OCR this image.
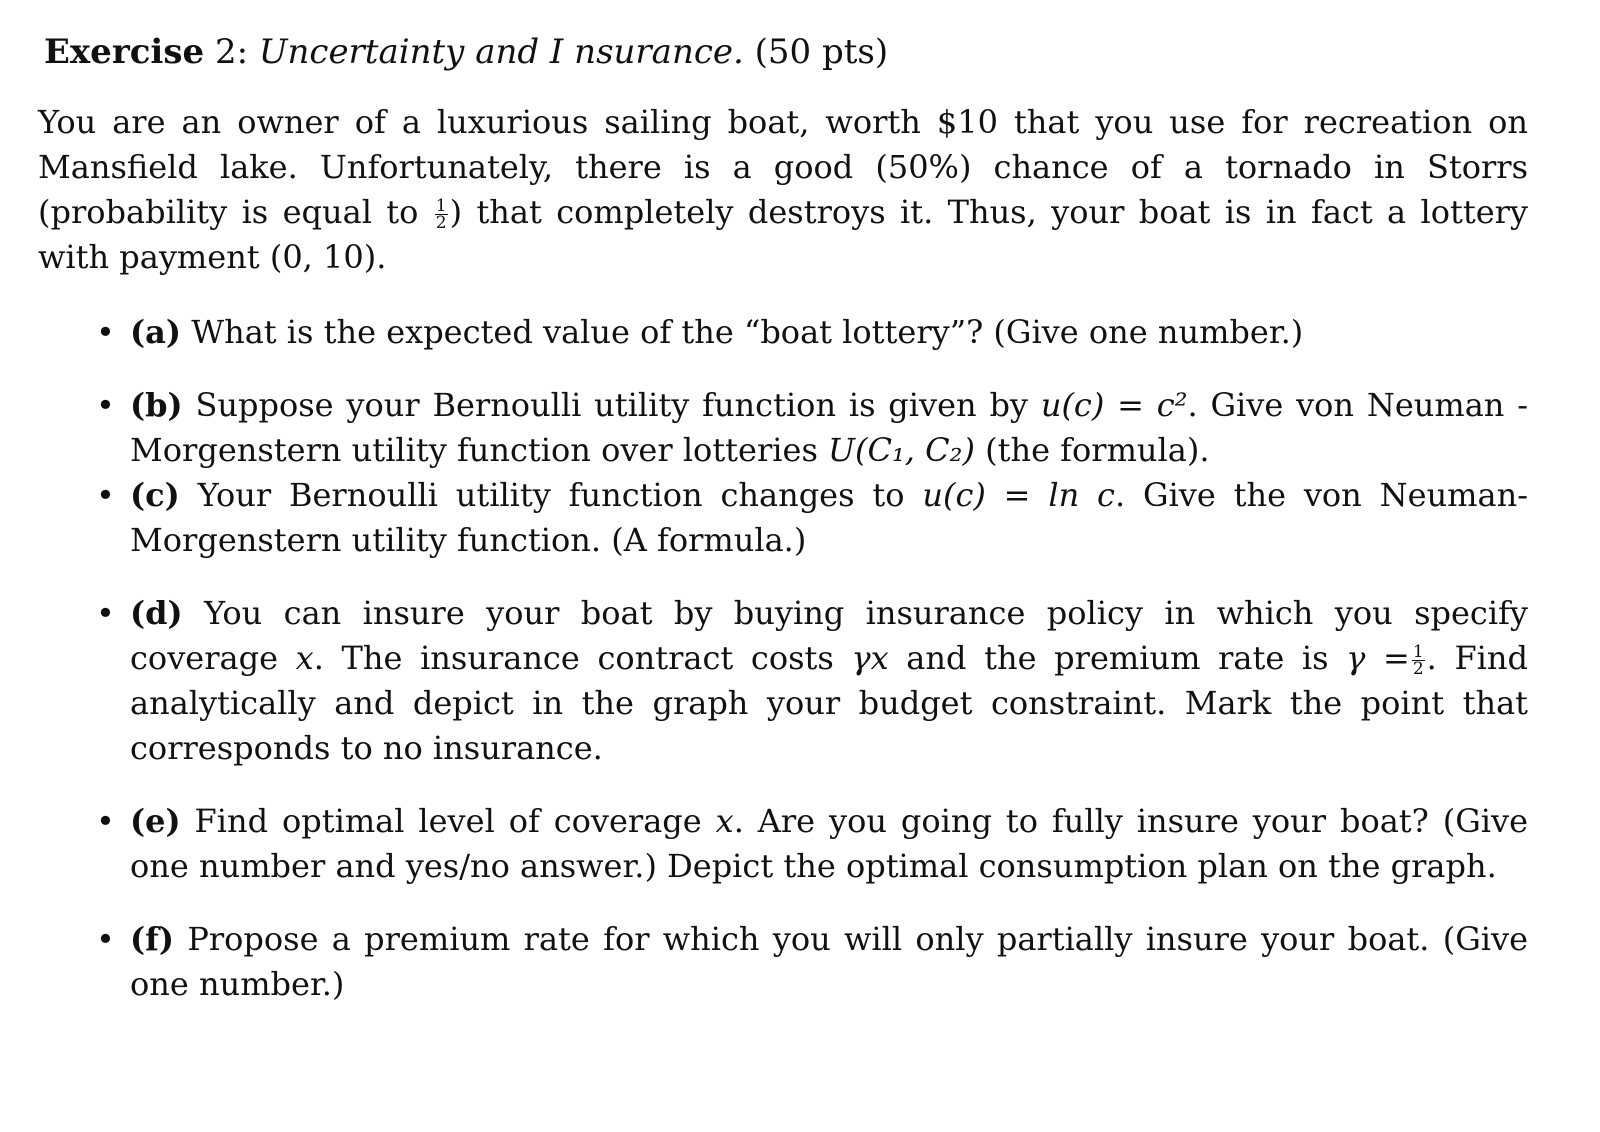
Exercise 2: Uncertainty and I nsurance. (50 pts)

You are an owner of a luxurious sailing boat, worth $10 that you use for recreation on Mansfield lake. Unfortunately, there is a good (50%) chance of a tornado in Storrs (probability is equal to $\frac{1}{2}$ ) that completely destroys it. Thus, your boat is in fact a lottery with payment (0, 10).

• (a) What is the expected value of the “boat lottery”? (Give one number.)
• (b) Suppose your Bernoulli utility function is given by u(c) = c². Give von Neuman - Morgenstern utility function over lotteries U(C₁, C₂) (the formula).
• (c) Your Bernoulli utility function changes to u(c) = ln c. Give the von Neuman-Morgenstern utility function. (A formula.)
• (d) You can insure your boat by buying insurance policy in which you specify coverage x. The insurance contract costs γx and the premium rate is $\gamma = \frac{1}{2}$ . Find analytically and depict in the graph your budget constraint. Mark the point that corresponds to no insurance.
• (e) Find optimal level of coverage x. Are you going to fully insure your boat? (Give one number and yes/no answer.) Depict the optimal consumption plan on the graph.
• (f) Propose a premium rate for which you will only partially insure your boat. (Give one number.)
